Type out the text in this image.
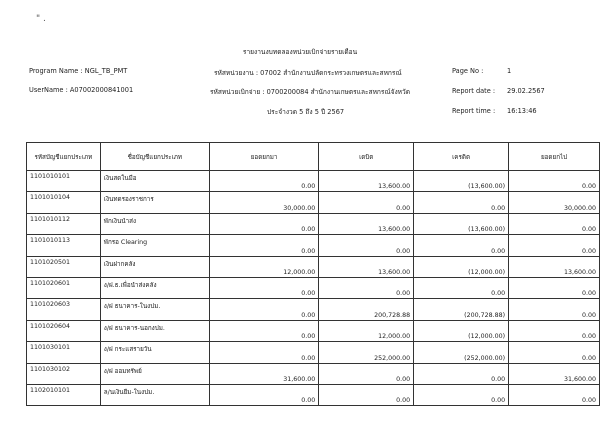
" .
รายงานงบทดลองหน่วยเบิกจ่ายรายเดือน
Program Name : NGL_TB_PMT
UserName : A07002000841001
รหัสหน่วยงาน : 07002 สำนักงานปลัดกระทรวงเกษตรและสหกรณ์
รหัสหน่วยเบิกจ่าย : 0700200084 สำนักงานเกษตรและสหกรณ์จังหวัด
ประจำงวด 5 ถึง 5 ปี 2567
Page No :	1
Report date : 29.02.2567
Report time : 16:13:46
รหัสบัญชีแยกประเภท	ชื่อบัญชีแยกประเภท	ยอดยกมา	เดบิต	เครดิต	ยอดยกไป
1101010101	เงินสดในมือ	0.00	13,600.00	(13,600.00)	0.00
1101010104	เงินทดรองราชการ	30,000.00	0.00	0.00	30,000.00
1101010112	พักเงินนำส่ง	0.00	13,600.00	(13,600.00)	0.00
1101010113	พักรอ Clearing	0.00	0.00	0.00	0.00
1101020501	เงินฝากคลัง	12,000.00	13,600.00	(12,000.00)	13,600.00
1101020601	ง/ฝ.ธ.เพื่อนำส่งคลัง	0.00	0.00	0.00	0.00
1101020603	ง/ฝ ธนาคาร-ในงปม.	0.00	200,728.88	(200,728.88)	0.00
1101020604	ง/ฝ ธนาคาร-นอกงปม.	0.00	12,000.00	(12,000.00)	0.00
1101030101	ง/ฝ กระแสรายวัน	0.00	252,000.00	(252,000.00)	0.00
1101030102	ง/ฝ ออมทรัพย์	31,600.00	0.00	0.00	31,600.00
1102010101	ล/นเงินยืม-ในงปม.	0.00	0.00	0.00	0.00
